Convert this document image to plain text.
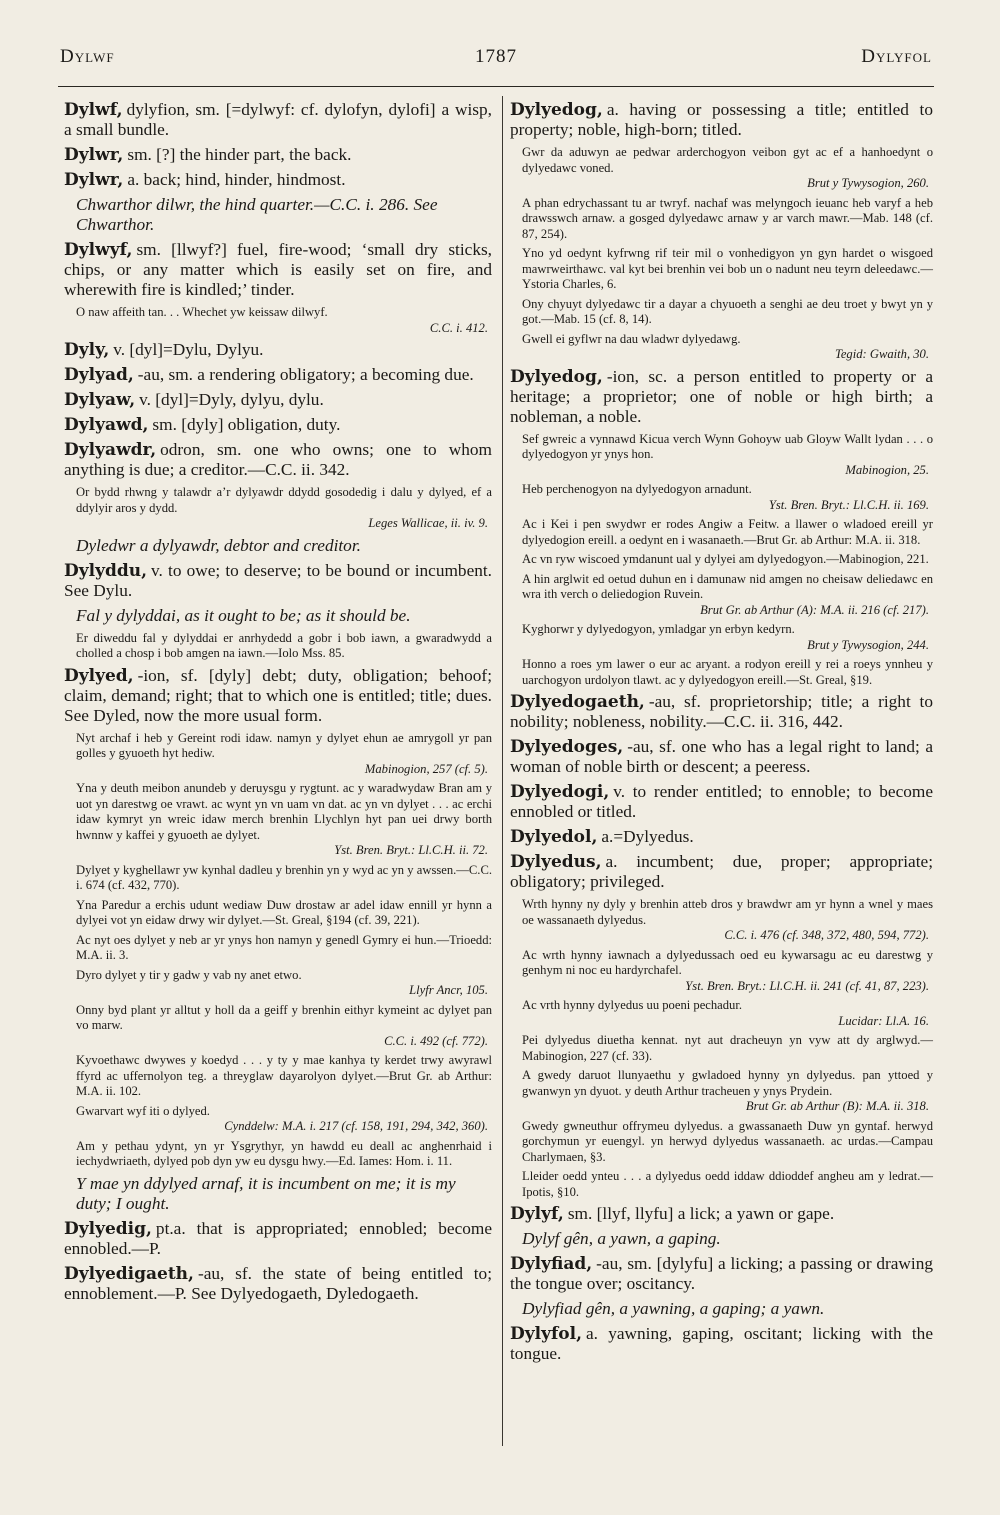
1787
Dylwf	Dylyfol

Dylwf, dylyfion, sm. [=dylwyf: cf. dylofyn, dylofi] a wisp, a small bundle.

Dylwr, sm. [?] the hinder part, the back.

Dylwr, a. back; hind, hinder, hindmost.

Chwarthor dilwr, the hind quarter.—C.C. i. 286. See Chwarthor.

Dylwyf, sm. [llwyf?] fuel, fire-wood; ‘small dry sticks, chips, or any matter which is easily set on fire, and wherewith fire is kindled;’ tinder.

O naw affeith tan. . . Whechet yw keissaw dilwyf.
C.C. i. 412.

Dyly, v. [dyl]=Dylu, Dylyu.

Dylyad, -au, sm. a rendering obligatory; a becoming due.

Dylyaw, v. [dyl]=Dyly, dylyu, dylu.

Dylyawd, sm. [dyly] obligation, duty.

Dylyawdr, odron, sm. one who owns; one to whom anything is due; a creditor.—C.C. ii. 342.

Or bydd rhwng y talawdr a’r dylyawdr ddydd gosodedig i dalu y dylyed, ef a ddylyir aros y dydd.
Leges Wallicae, ii. iv. 9.

Dyledwr a dylyawdr, debtor and creditor.

Dylyddu, v. to owe; to deserve; to be bound or incumbent. See Dylu.

Fal y dylyddai, as it ought to be; as it should be.

Er diweddu fal y dylyddai er anrhydedd a gobr i bob iawn, a gwaradwydd a cholled a chosp i bob amgen na iawn.—Iolo Mss. 85.

Dylyed, -ion, sf. [dyly] debt; duty, obligation; behoof; claim, demand; right; that to which one is entitled; title; dues. See Dyled, now the more usual form.

Nyt archaf i heb y Gereint rodi idaw. namyn y dylyet ehun ae amrygoll yr pan golles y gyuoeth hyt hediw.
Mabinogion, 257 (cf. 5).
Yna y deuth meibon anundeb y deruysgu y rygtunt. ac y waradwydaw Bran am y uot yn darestwg oe vrawt. ac wynt yn vn uam vn dat. ac yn vn dylyet . . . ac erchi idaw kymryt yn wreic idaw merch brenhin Llychlyn hyt pan uei drwy borth hwnnw y kaffei y gyuoeth ae dylyet.
Yst. Bren. Bryt.: Ll.C.H. ii. 72.
Dylyet y kyghellawr yw kynhal dadleu y brenhin yn y wyd ac yn y awssen.—C.C. i. 674 (cf. 432, 770).
Yna Paredur a erchis udunt wediaw Duw drostaw ar adel idaw ennill yr hynn a dylyei vot yn eidaw drwy wir dylyet.—St. Greal, §194 (cf. 39, 221).
Ac nyt oes dylyet y neb ar yr ynys hon namyn y genedl Gymry ei hun.—Trioedd: M.A. ii. 3.
Dyro dylyet y tir y gadw y vab ny anet etwo.
Llyfr Ancr, 105.
Onny byd plant yr alltut y holl da a geiff y brenhin eithyr kymeint ac dylyet pan vo marw.
C.C. i. 492 (cf. 772).
Kyvoethawc dwywes y koedyd . . . y ty y mae kanhya ty kerdet trwy awyrawl ffyrd ac uffernolyon teg. a threyglaw dayarolyon dylyet.—Brut Gr. ab Arthur: M.A. ii. 102.
Gwarvart wyf iti o dylyed.
Cynddelw: M.A. i. 217 (cf. 158, 191, 294, 342, 360).
Am y pethau ydynt, yn yr Ysgrythyr, yn hawdd eu deall ac anghenrhaid i iechydwriaeth, dylyed pob dyn yw eu dysgu hwy.—Ed. Iames: Hom. i. 11.

Y mae yn ddylyed arnaf, it is incumbent on me; it is my duty; I ought.

Dylyedig, pt.a. that is appropriated; ennobled; become ennobled.—P.

Dylyedigaeth, -au, sf. the state of being entitled to; ennoblement.—P. See Dylyedogaeth, Dyledogaeth.

Dylyedog, a. having or possessing a title; entitled to property; noble, high-born; titled.

Gwr da aduwyn ae pedwar arderchogyon veibon gyt ac ef a hanhoedynt o dylyedawc voned.
Brut y Tywysogion, 260.
A phan edrychassant tu ar twryf. nachaf was melyngoch ieuanc heb varyf a heb drawsswch arnaw. a gosged dylyedawc arnaw y ar varch mawr.—Mab. 148 (cf. 87, 254).
Yno yd oedynt kyfrwng rif teir mil o vonhedigyon yn gyn hardet o wisgoed mawrweirthawc. val kyt bei brenhin vei bob un o nadunt neu teyrn deleedawc.—Ystoria Charles, 6.
Ony chyuyt dylyedawc tir a dayar a chyuoeth a senghi ae deu troet y bwyt yn y got.—Mab. 15 (cf. 8, 14).
Gwell ei gyflwr na dau wladwr dylyedawg.
Tegid: Gwaith, 30.

Dylyedog, -ion, sc. a person entitled to property or a heritage; a proprietor; one of noble or high birth; a nobleman, a noble.

Sef gwreic a vynnawd Kicua verch Wynn Gohoyw uab Gloyw Wallt lydan . . . o dylyedogyon yr ynys hon.
Mabinogion, 25.
Heb perchenogyon na dylyedogyon arnadunt.
Yst. Bren. Bryt.: Ll.C.H. ii. 169.
Ac i Kei i pen swydwr er rodes Angiw a Feitw. a llawer o wladoed ereill yr dylyedogion ereill. a oedynt en i wasanaeth.—Brut Gr. ab Arthur: M.A. ii. 318.
Ac vn ryw wiscoed ymdanunt ual y dylyei am dylyedogyon.—Mabinogion, 221.
A hin arglwit ed oetud duhun en i damunaw nid amgen no cheisaw deliedawc en wra ith verch o deliedogion Ruvein.
Brut Gr. ab Arthur (A): M.A. ii. 216 (cf. 217).
Kyghorwr y dylyedogyon, ymladgar yn erbyn kedyrn.
Brut y Tywysogion, 244.
Honno a roes ym lawer o eur ac aryant. a rodyon ereill y rei a roeys ynnheu y uarchogyon urdolyon tlawt. ac y dylyedogyon ereill.—St. Greal, §19.

Dylyedogaeth, -au, sf. proprietorship; title; a right to nobility; nobleness, nobility.—C.C. ii. 316, 442.

Dylyedoges, -au, sf. one who has a legal right to land; a woman of noble birth or descent; a peeress.

Dylyedogi, v. to render entitled; to ennoble; to become ennobled or titled.

Dylyedol, a.=Dylyedus.

Dylyedus, a. incumbent; due, proper; appropriate; obligatory; privileged.

Wrth hynny ny dyly y brenhin atteb dros y brawdwr am yr hynn a wnel y maes oe wassanaeth dylyedus.
C.C. i. 476 (cf. 348, 372, 480, 594, 772).
Ac wrth hynny iawnach a dylyedussach oed eu kywarsagu ac eu darestwg y genhym ni noc eu hardyrchafel.
Yst. Bren. Bryt.: Ll.C.H. ii. 241 (cf. 41, 87, 223).
Ac vrth hynny dylyedus uu poeni pechadur.
Lucidar: Ll.A. 16.
Pei dylyedus diuetha kennat. nyt aut dracheuyn yn vyw att dy arglwyd.—Mabinogion, 227 (cf. 33).
A gwedy daruot llunyaethu y gwladoed hynny yn dylyedus. pan yttoed y gwanwyn yn dyuot. y deuth Arthur tracheuen y ynys Prydein.
Brut Gr. ab Arthur (B): M.A. ii. 318.
Gwedy gwneuthur offrymeu dylyedus. a gwassanaeth Duw yn gyntaf. herwyd gorchymun yr euengyl. yn herwyd dylyedus wassanaeth. ac urdas.—Campau Charlymaen, §3.
Lleider oedd ynteu . . . a dylyedus oedd iddaw ddioddef angheu am y ledrat.—Ipotis, §10.

Dylyf, sm. [llyf, llyfu] a lick; a yawn or gape.

Dylyf gên, a yawn, a gaping.

Dylyfiad, -au, sm. [dylyfu] a licking; a passing or drawing the tongue over; oscitancy.

Dylyfiad gên, a yawning, a gaping; a yawn.

Dylyfol, a. yawning, gaping, oscitant; licking with the tongue.
